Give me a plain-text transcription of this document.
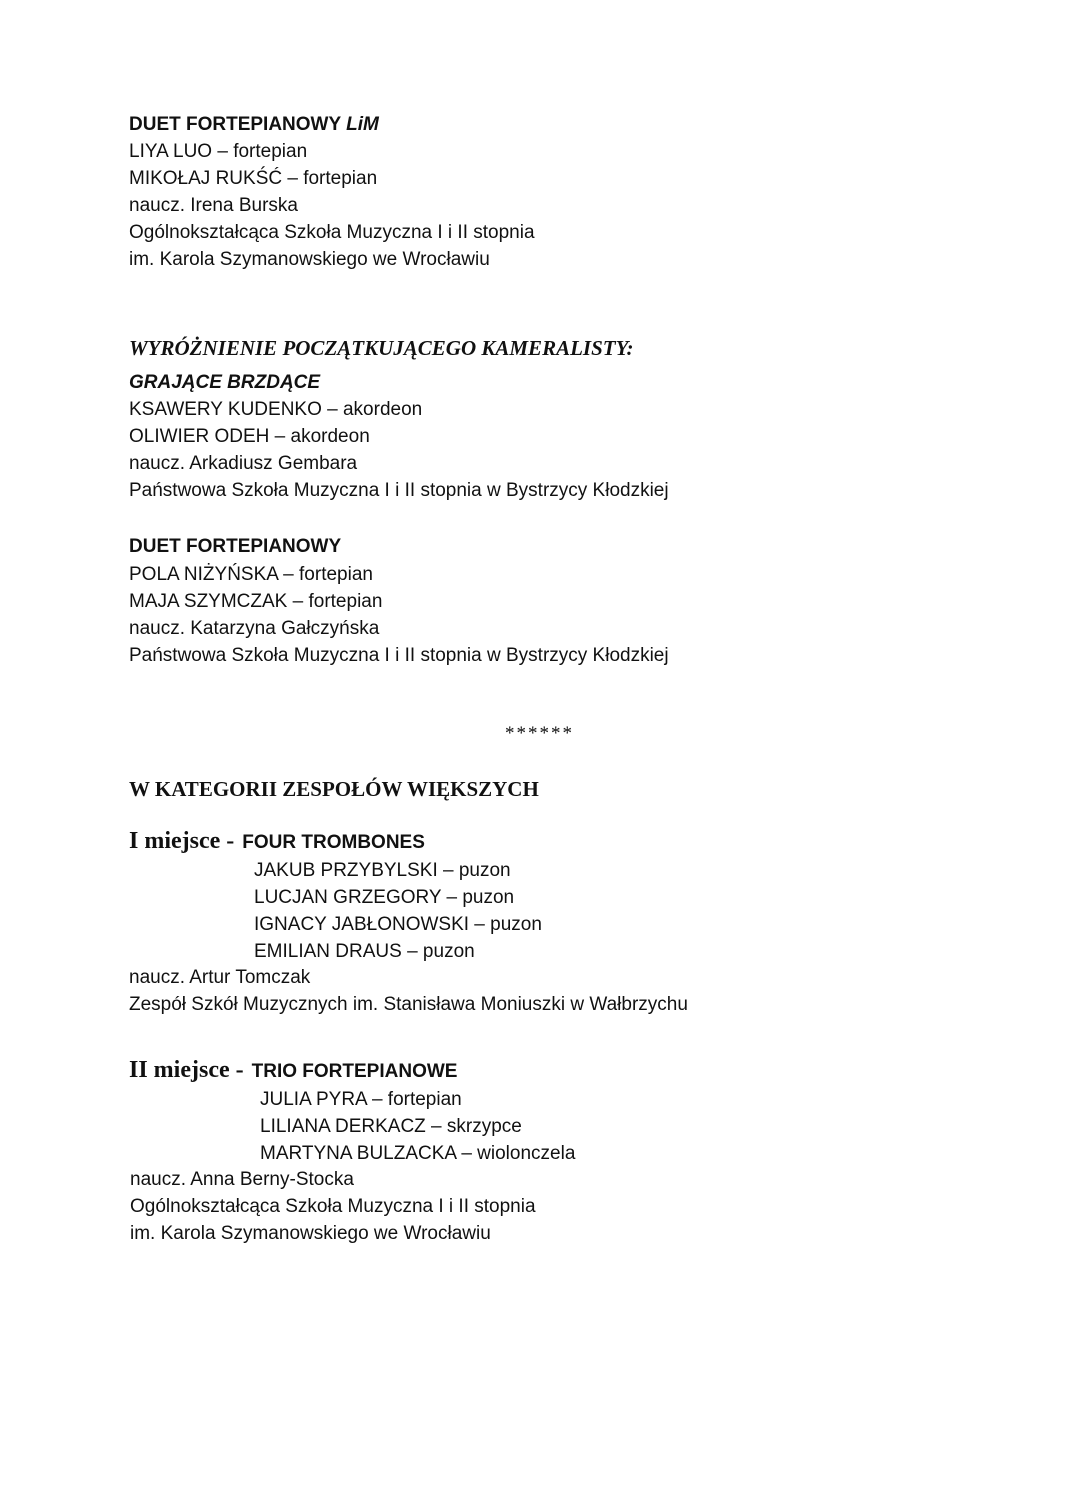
DUET FORTEPIANOWY LiM
LIYA LUO – fortepian
MIKOŁAJ RUKŚĆ – fortepian
naucz. Irena Burska
Ogólnokształcąca Szkoła Muzyczna I i II stopnia
im. Karola Szymanowskiego we Wrocławiu
WYRÓŻNIENIE POCZĄTKUJĄCEGO KAMERALISTY:
GRAJĄCE BRZDĄCE
KSAWERY KUDENKO – akordeon
OLIWIER ODEH – akordeon
naucz. Arkadiusz Gembara
Państwowa Szkoła Muzyczna I i II stopnia w Bystrzycy Kłodzkiej
DUET FORTEPIANOWY
POLA NIŻYŃSKA – fortepian
MAJA SZYMCZAK – fortepian
naucz. Katarzyna Gałczyńska
Państwowa Szkoła Muzyczna I i II stopnia w Bystrzycy Kłodzkiej
******
W KATEGORII ZESPOŁÓW WIĘKSZYCH
I miejsce - FOUR TROMBONES
JAKUB PRZYBYLSKI – puzon
LUCJAN GRZEGORY – puzon
IGNACY JABŁONOWSKI – puzon
EMILIAN DRAUS – puzon
naucz. Artur Tomczak
Zespół Szkół Muzycznych im. Stanisława Moniuszki w Wałbrzychu
II miejsce - TRIO FORTEPIANOWE
JULIA PYRA – fortepian
LILIANA DERKACZ – skrzypce
MARTYNA BULZACKA – wiolonczela
naucz. Anna Berny-Stocka
Ogólnokształcąca Szkoła Muzyczna I i II stopnia
im. Karola Szymanowskiego we Wrocławiu
